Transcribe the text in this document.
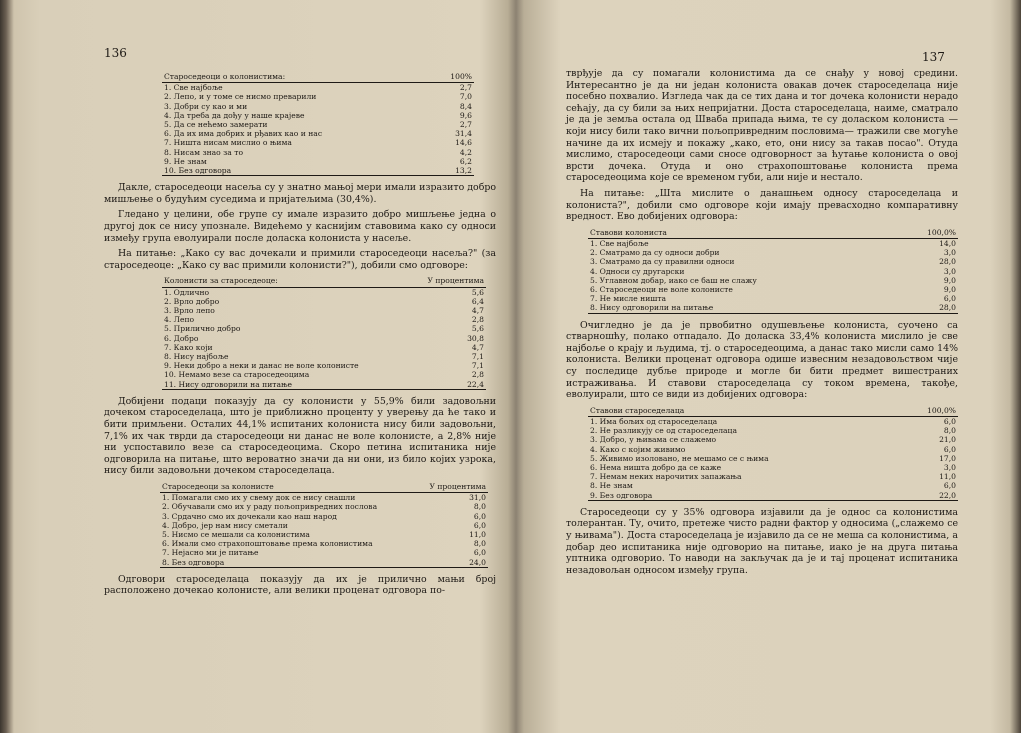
136
Староседеоци о колонистима:	100%
1. Све најбоље	2,7
2. Лепо, и у томе се нисмо преварили	7,0
3. Добри су као и ми	8,4
4. Да треба да дођу у наше крајеве	9,6
5. Да се нећемо замерати	2,7
6. Да их има добрих и рђавих као и нас	31,4
7. Ништа нисам мислио о њима	14,6
8. Нисам знао за то	4,2
9. Не знам	6,2
10. Без одговора	13,2

Дакле, староседеоци насеља су у знатно мањој мери имали изразито добро мишљење о будућим суседима и пријатељима (30,4%).

Гледано у целини, обе групе су имале изразито добро мишљење једна о другој док се нису упознале. Видећемо у каснијим ставовима како су односи између група еволуирали после доласка колониста у насеље.

На питање: „Како су вас дочекали и примили староседеоци насеља?" (за староседеоце: „Како су вас примили колонисти?"), добили смо одговоре:

Колонисти за староседеоце:	У процентима
1. Одлично	5,6
2. Врло добро	6,4
3. Врло лепо	4,7
4. Лепо	2,8
5. Прилично добро	5,6
6. Добро	30,8
7. Како који	4,7
8. Нису најбоље	7,1
9. Неки добро а неки и данас не воле колонисте	7,1
10. Немамо везе са староседеоцима	2,8
11. Нису одговорили на питање	22,4

Добијени подаци показују да су колонисти у 55,9% били задовољни дочеком староседелаца, што је приближно проценту у уверењу да ће тако и бити примљени. Осталих 44,1% испитаних колониста нису били задовољни, 7,1% их чак тврди да староседеоци ни данас не воле колонисте, а 2,8% није ни успоставило везе са староседеоцима. Скоро петина испитаника није одговорила на питање, што вероватно значи да ни они, из било којих узрока, нису били задовољни дочеком староседелаца.

Староседеоци за колонисте	У процентима
1. Помагали смо их у свему док се нису снашли	31,0
2. Обучавали смо их у раду пољопривредних послова	8,0
3. Срдачно смо их дочекали као наш народ	6,0
4. Добро, јер нам нису сметали	6,0
5. Нисмо се мешали са колонистима	11,0
6. Имали смо страхопоштовање према колонистима	8,0
7. Нејасно ми је питање	6,0
8. Без одговора	24,0

Одговори староседелаца показују да их је прилично мањи број расположено дочекао колонисте, али велики проценат одговора по-

137

тврђује да су помагали колонистима да се снађу у новој средини. Интересантно је да ни један колониста овакав дочек староседелаца није посебно похвалио. Изгледа чак да се тих дана и тог дочека колонисти нерадо сећају, да су били за њих непријатни. Доста староседелаца, наиме, сматрало је да је земља остала од Шваба припада њима, те су доласком колониста — који нису били тако вични пољопривредним пословима— тражили све могуће начине да их исмеју и покажу „како, ето, они нису за такав посао". Отуда мислимо, староседеоци сами сносе одговорност за ћутање колониста о овој врсти дочека. Отуда и оно страхопоштовање колониста према староседеоцима које се временом губи, али није и нестало.

На питање: „Шта мислите о данашњем односу староседелаца и колониста?", добили смо одговоре који имају превасходно компаративну вредност. Ево добијених одговора:

Ставови колониста	100,0%
1. Све најбоље	14,0
2. Сматрамо да су односи добри	3,0
3. Сматрамо да су правилни односи	28,0
4. Односи су другарски	3,0
5. Углавном добар, иако се баш не слажу	9,0
6. Староседеоци не воле колонисте	9,0
7. Не мисле ништа	6,0
8. Нису одговорили на питање	28,0

Очигледно је да је првобитно одушевљење колониста, суочено са стварношћу, полако отпадало. До доласка 33,4% колониста мислило је све најбоље о крају и људима, тј. о староседеоцима, а данас тако мисли само 14% колониста. Велики проценат одговора одише извесним незадовољством чије су последице дубље природе и могле би бити предмет вишестраних истраживања. И ставови староседелаца су током времена, такође, еволуирали, што се види из добијених одговора:

Ставови староседелаца	100,0%
1. Има бољих од староседелаца	6,0
2. Не разликују се од староседелаца	8,0
3. Добро, у њивама се слажемо	21,0
4. Како с којим живимо	6,0
5. Живимо изоловано, не мешамо се с њима	17,0
6. Нема ништа добро да се каже	3,0
7. Немам неких нарочитих запажања	11,0
8. Не знам	6,0
9. Без одговора	22,0

Староседеоци су у 35% одговора изјавили да је однос са колонистима толерантан. Ту, очито, претеже чисто радни фактор у односима („слажемо се у њивама"). Доста староседелаца је изјавило да се не меша са колонистима, а добар део испитаника није одговорио на питање, иако је на друга питања уптника одговорио. То наводи на закључак да је и тај проценат испитаника незадовољан односом између група.
